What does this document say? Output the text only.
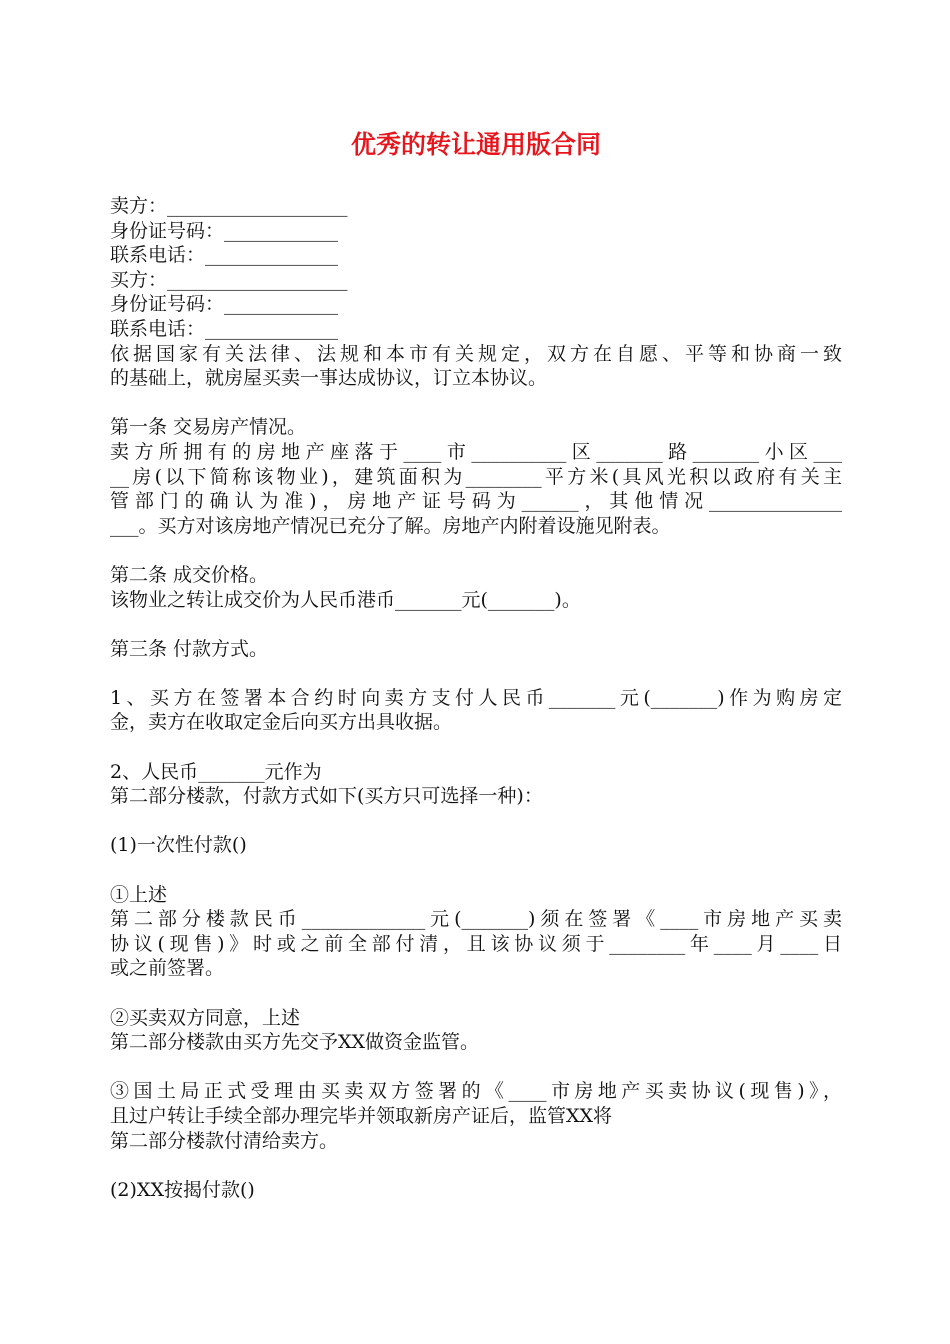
优秀的转让通用版合同
卖方：___________________
身份证号码：____________
联系电话：______________
买方：___________________
身份证号码：____________
联系电话：______________
依据国家有关法律、法规和本市有关规定，双方在自愿、平等和协商一致
的基础上，就房屋买卖一事达成协议，订立本协议。
第一条 交易房产情况。
卖方所拥有的房地产座落于____市__________区_______路_______小区___
__房(以下简称该物业)，建筑面积为________平方米(具风光积以政府有关主
管部门的确认为准)，房地产证号码为______，其他情况______________
___。买方对该房地产情况已充分了解。房地产内附着设施见附表。
第二条 成交价格。
该物业之转让成交价为人民币港币_______元(_______)。
第三条 付款方式。
1、买方在签署本合约时向卖方支付人民币_______元(_______)作为购房定
金，卖方在收取定金后向买方出具收据。
2、人民币_______元作为
第二部分楼款，付款方式如下(买方只可选择一种)：
(1)一次性付款()
①上述
第二部分楼款民币_____________元(_______)须在签署《____市房地产买卖
协议(现售)》时或之前全部付清，且该协议须于________年____月____日
或之前签署。
②买卖双方同意，上述
第二部分楼款由买方先交予XX做资金监管。
③国土局正式受理由买卖双方签署的《____市房地产买卖协议(现售)》，
且过户转让手续全部办理完毕并领取新房产证后，监管XX将
第二部分楼款付清给卖方。
(2)XX按揭付款()
